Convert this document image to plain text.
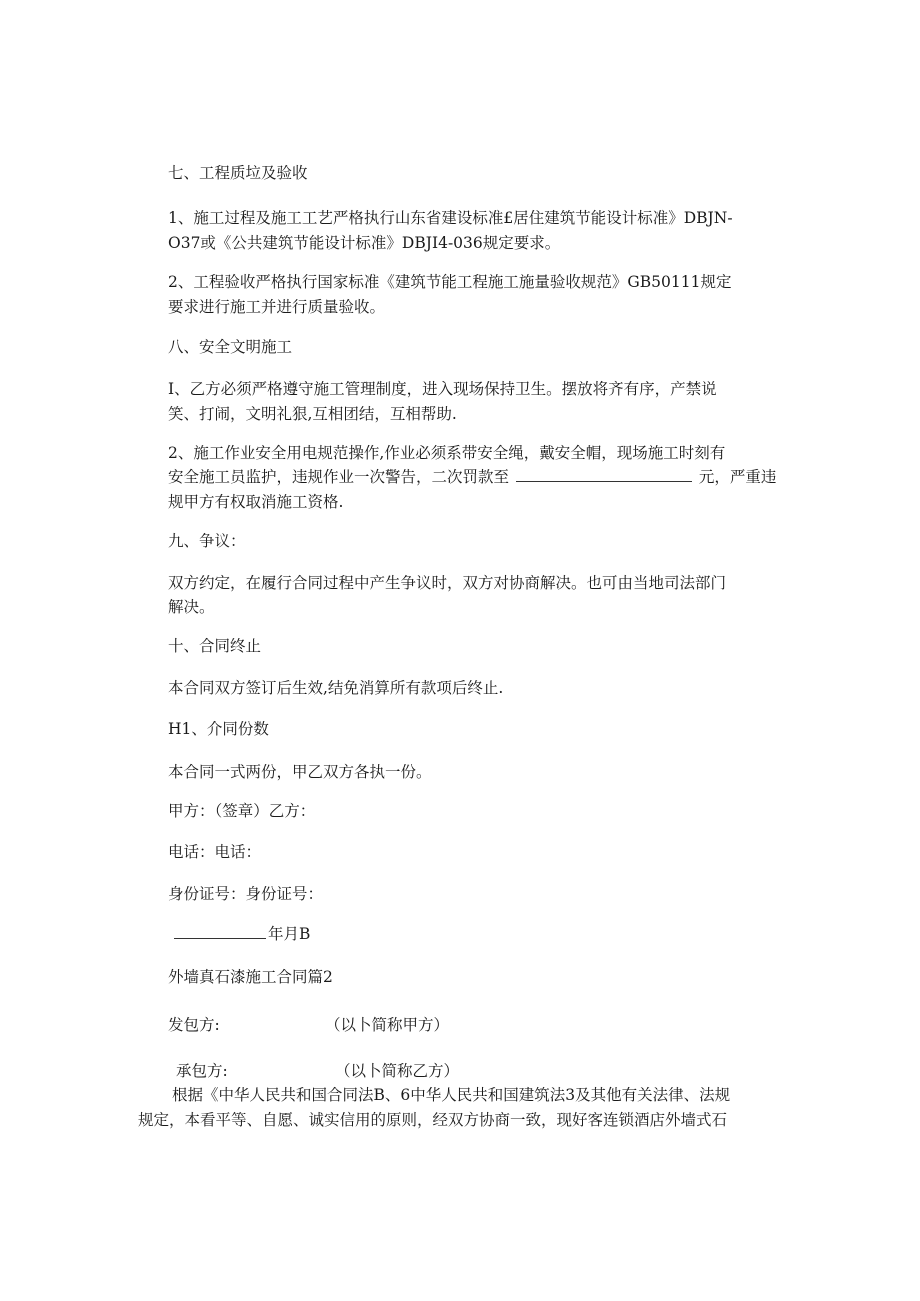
七、工程质垃及验收
1、施工过程及施工工艺严格执行山东省建设标准£居住建筑节能设计标准》DBJN-
O37或《公共建筑节能设计标准》DBJI4-036规定要求。
2、工程验收严格执行国家标准《建筑节能工程施工施量验收规范》GB50111规定
要求进行施工并进行质量验收。
八、安全文明施工
I、乙方必须严格遵守施工管理制度，进入现场保持卫生。摆放将齐有序，产禁说
笑、打闹，文明礼狠,互相团结，互相帮助.
2、施工作业安全用电规范操作,作业必须系带安全绳，戴安全帽，现场施工时刻有
安全施工员监护，违规作业一次警告，二次罚款至	元，严重违
规甲方有权取消施工资格.
九、争议：
双方约定，在履行合同过程中产生争议时，双方对协商解决。也可由当地司法部门
解决。
十、合同终止
本合同双方签订后生效,结免消算所有款项后终止.
H1、介同份数
本合同一式两份，甲乙双方各执一份。
甲方：（签章）乙方：
电话：电话：
身份证号：身份证号：
年月B
外墙真石漆施工合同篇2
发包方:	（以卜简称甲方）
承包方:	（以卜简称乙方）
根据《中华人民共和国合同法B、6中华人民共和国建筑法3及其他有关法律、法规
规定，本看平等、自愿、诚实信用的原则，经双方协商一致，现好客连锁酒店外墙式石
